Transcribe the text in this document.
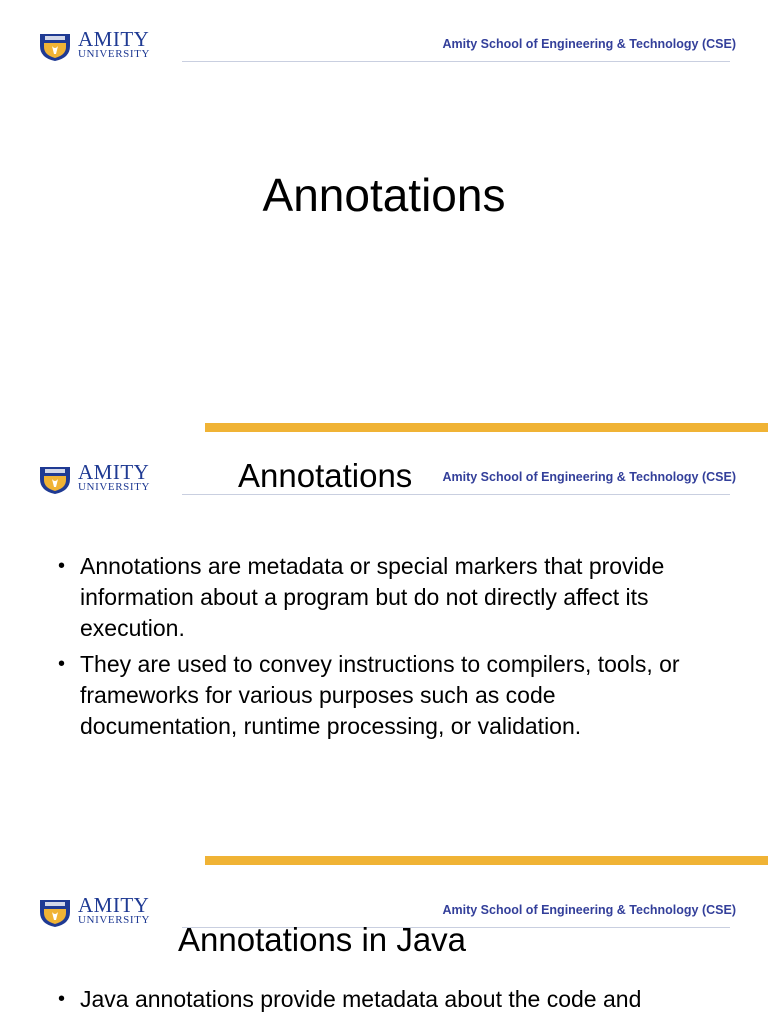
AMITY
UNIVERSITY
Amity School of Engineering & Technology (CSE)
Annotations
AMITY
UNIVERSITY	Annotations Amity School of Engineering & Technology (CSE)
• Annotations are metadata or special markers that provide information about a program but do not directly affect its execution.
• They are used to convey instructions to compilers, tools, or frameworks for various purposes such as code documentation, runtime processing, or validation.
AMITY
UNIVERSITY
Amity School of Engineering & Technology (CSE)
Annotations in Java
• Java annotations provide metadata about the code and
